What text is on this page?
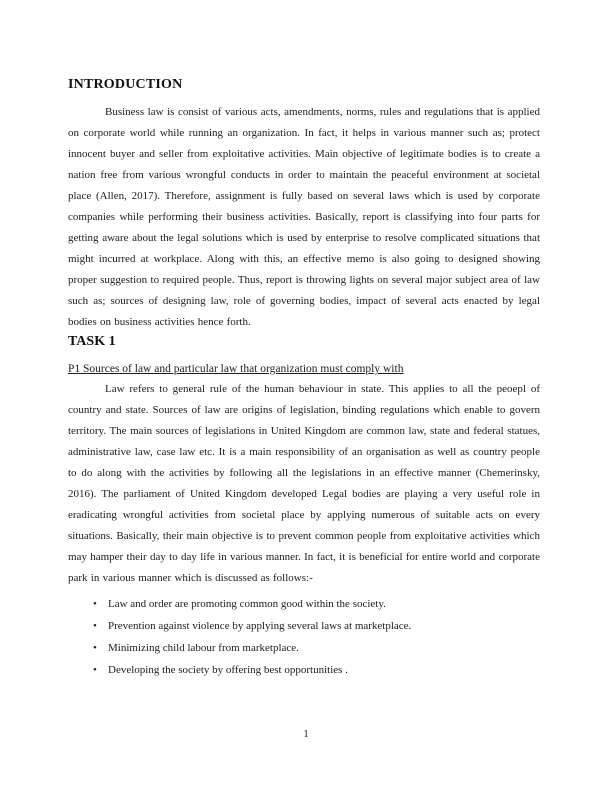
INTRODUCTION

Business law is consist of various acts, amendments, norms, rules and regulations that is applied on corporate world while running an organization. In fact, it helps in various manner such as; protect innocent buyer and seller from exploitative activities. Main objective of legitimate bodies is to create a nation free from various wrongful conducts in order to maintain the peaceful environment at societal place (Allen, 2017). Therefore, assignment is fully based on several laws which is used by corporate companies while performing their business activities. Basically, report is classifying into four parts for getting aware about the legal solutions which is used by enterprise to resolve complicated situations that might incurred at workplace. Along with this, an effective memo is also going to designed showing proper suggestion to required people. Thus, report is throwing lights on several major subject area of law such as; sources of designing law, role of governing bodies, impact of several acts enacted by legal bodies on business activities hence forth.

TASK 1
P1 Sources of law and particular law that organization must comply with

Law refers to general rule of the human behaviour in state. This applies to all the peoepl of country and state. Sources of law are origins of legislation, binding regulations which enable to govern territory. The main sources of legislations in United Kingdom are common law, state and federal statues, administrative law, case law etc. It is a main responsibility of an organisation as well as country people to do along with the activities by following all the legislations in an effective manner (Chemerinsky, 2016). The parliament of United Kingdom developed Legal bodies are playing a very useful role in eradicating wrongful activities from societal place by applying numerous of suitable acts on every situations. Basically, their main objective is to prevent common people from exploitative activities which may hamper their day to day life in various manner. In fact, it is beneficial for entire world and corporate park in various manner which is discussed as follows:-

• Law and order are promoting common good within the society.
• Prevention against violence by applying several laws at marketplace.
• Minimizing child labour from marketplace.
• Developing the society by offering best opportunities .
1
